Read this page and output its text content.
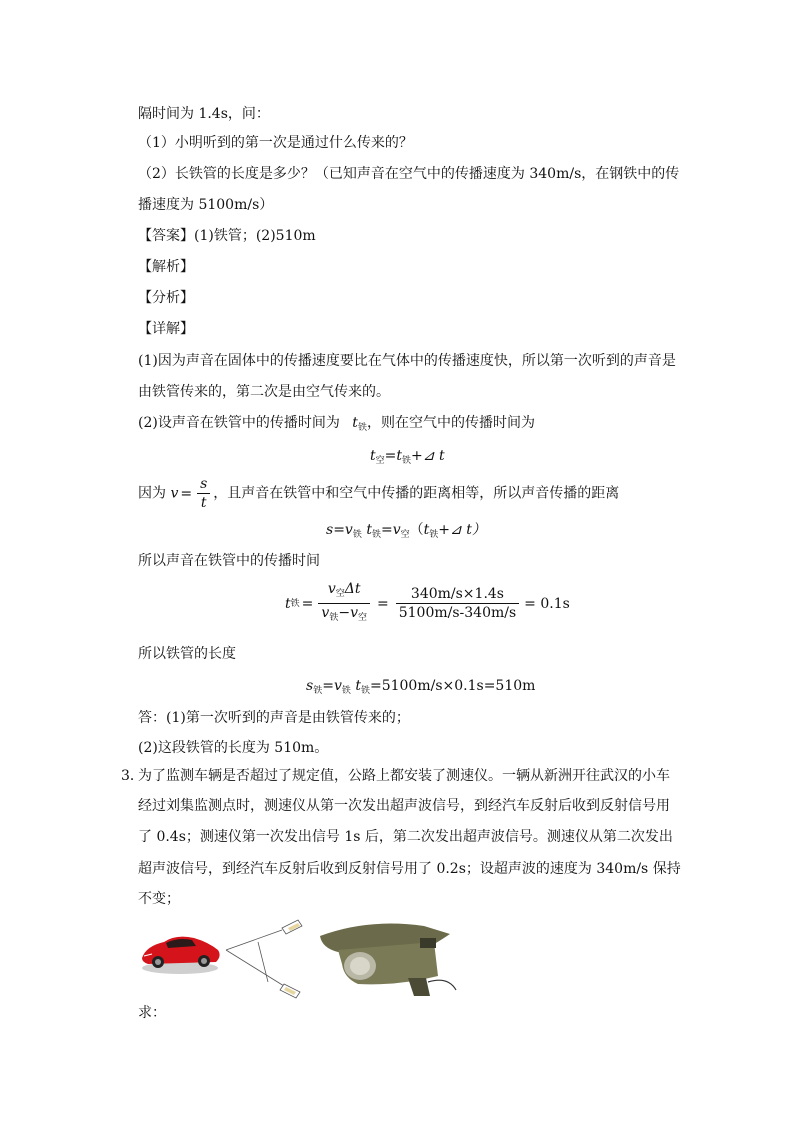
隔时间为 1.4s，问：
（1）小明听到的第一次是通过什么传来的？
（2）长铁管的长度是多少？（已知声音在空气中的传播速度为 340m/s，在钢铁中的传
播速度为 5100m/s）
【答案】(1)铁管；(2)510m
【解析】
【分析】
【详解】
(1)因为声音在固体中的传播速度要比在气体中的传播速度快，所以第一次听到的声音是
由铁管传来的，第二次是由空气传来的。
(2)设声音在铁管中的传播时间为 $t_铁$，则在空气中的传播时间为
$t_空=t_铁+⊿$ t
因为 $v = \frac{s}{t}$ ，且声音在铁管中和空气中传播的距离相等，所以声音传播的距离
$s=v_铁$ $t_铁=v_空(t_铁+⊿$ t）
所以声音在铁管中的传播时间
t 铁 = $\frac{v_空\Delta t}{v_铁-v_空} = \frac{340m/s\times 1.4s}{5100m/s-340m/s} = 0.1s$
所以铁管的长度
$s_铁=v_铁$ $t_铁=5100m/s\times 0.1s=510m$
答：(1)第一次听到的声音是由铁管传来的；
(2)这段铁管的长度为 510m。
3．
为了监测车辆是否超过了规定值，公路上都安装了测速仪。一辆从新洲开往武汉的小车
经过刘集监测点时，测速仪从第一次发出超声波信号，到经汽车反射后收到反射信号用
了 0.4s；测速仪第一次发出信号 1s 后，第二次发出超声波信号。测速仪从第二次发出
超声波信号，到经汽车反射后收到反射信号用了 0.2s；设超声波的速度为 340m/s 保持
不变；
求：
